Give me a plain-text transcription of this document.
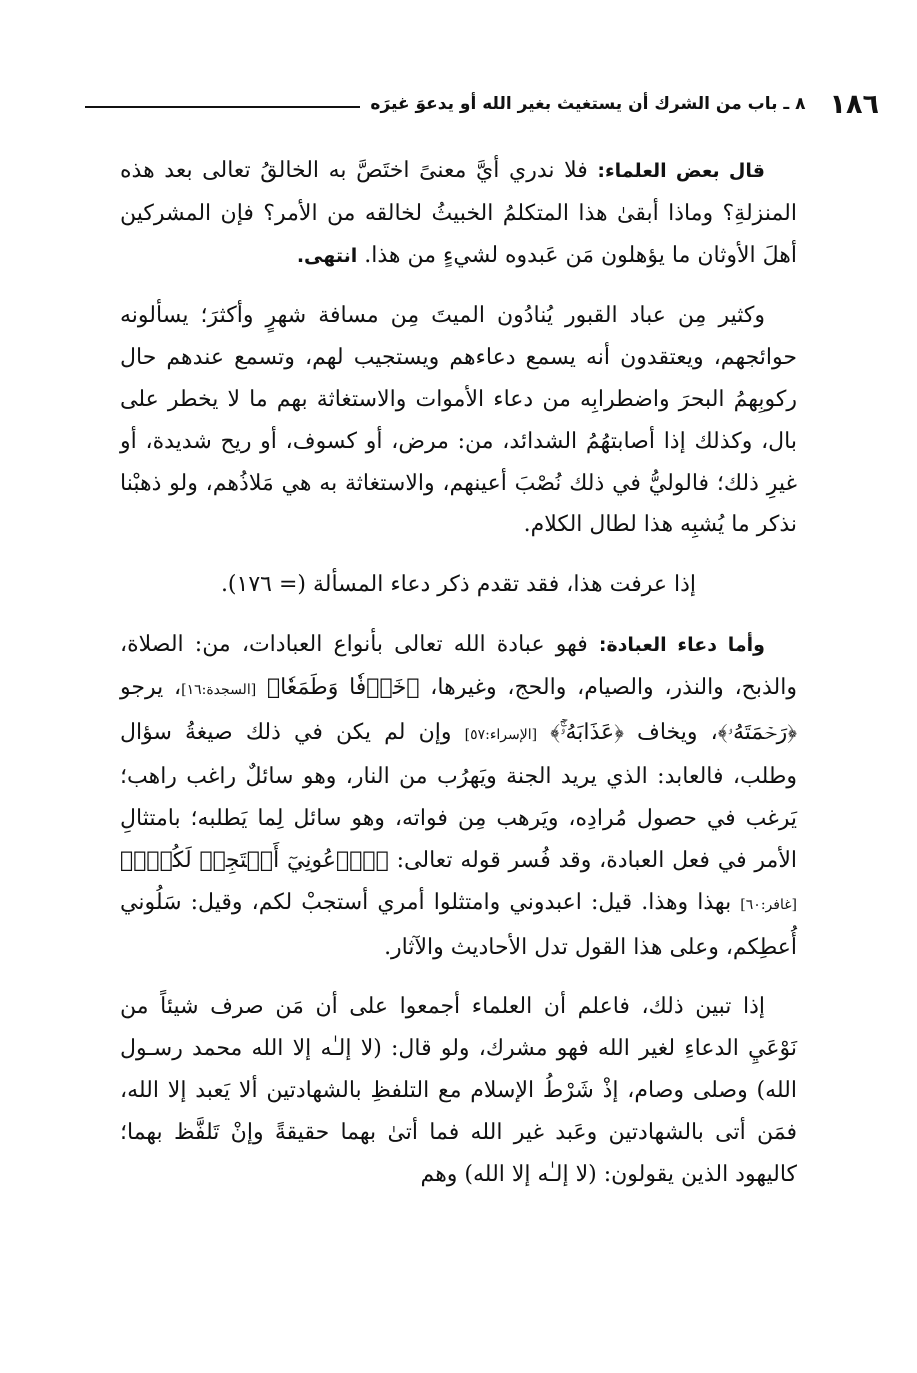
١٨٦
٨ ـ باب من الشرك أن يستغيث بغير الله أو يدعوَ غيرَه

قال بعض العلماء: فلا ندري أيَّ معنىً اختَصَّ به الخالقُ تعالى بعد هذه المنزلةِ؟ وماذا أبقىٰ هذا المتكلمُ الخبيثُ لخالقه من الأمر؟ فإن المشركين أهلَ الأوثان ما يؤهلون مَن عَبدوه لشيءٍ من هذا. انتهى.

وكثير مِن عباد القبور يُنادُون الميتَ مِن مسافة شهرٍ وأكثرَ؛ يسألونه حوائجهم، ويعتقدون أنه يسمع دعاءهم ويستجيب لهم، وتسمع عندهم حال ركوبِهمُ البحرَ واضطرابِه من دعاء الأموات والاستغاثة بهم ما لا يخطر على بال، وكذلك إذا أصابتهُمُ الشدائد، من: مرض، أو كسوف، أو ريح شديدة، أو غيرِ ذلك؛ فالوليُّ في ذلك نُصْبَ أعينهم، والاستغاثة به هي مَلاذُهم، ولو ذهبْنا نذكر ما يُشبِه هذا لطال الكلام.

إذا عرفت هذا، فقد تقدم ذكر دعاء المسألة (= ١٧٦).

وأما دعاء العبادة: فهو عبادة الله تعالى بأنواع العبادات، من: الصلاة، والذبح، والنذر، والصيام، والحج، وغيرها، ﴿خَوۡفٗا وَطَمَعٗا﴾ [السجدة:١٦]، يرجو ﴿رَحۡمَتَهُۥ﴾، ويخاف ﴿عَذَابَهُۥٓۚ﴾ [الإسراء:٥٧] وإن لم يكن في ذلك صيغةُ سؤال وطلب، فالعابد: الذي يريد الجنة ويَهرُب من النار، وهو سائلٌ راغب راهب؛ يَرغب في حصول مُرادِه، ويَرهب مِن فواته، وهو سائل لِما يَطلبه؛ بامتثالِ الأمر في فعل العبادة، وقد فُسر قوله تعالى: ﴿ٱدۡعُونِيٓ أَسۡتَجِبۡ لَكُمۡۚ﴾ [غافر:٦٠] بهذا وهذا. قيل: اعبدوني وامتثلوا أمري أستجبْ لكم، وقيل: سَلُوني أُعطِكم، وعلى هذا القول تدل الأحاديث والآثار.

إذا تبين ذلك، فاعلم أن العلماء أجمعوا على أن مَن صرف شيئاً من نَوْعَيِ الدعاءِ لغير الله فهو مشرك، ولو قال: (لا إلـٰه إلا الله محمد رسـول الله) وصلى وصام، إذْ شَرْطُ الإسلام مع التلفظِ بالشهادتين ألا يَعبد إلا الله، فمَن أتى بالشهادتين وعَبد غير الله فما أتىٰ بهما حقيقةً وإنْ تَلفَّظ بهما؛ كاليهود الذين يقولون: (لا إلـٰه إلا الله) وهم
